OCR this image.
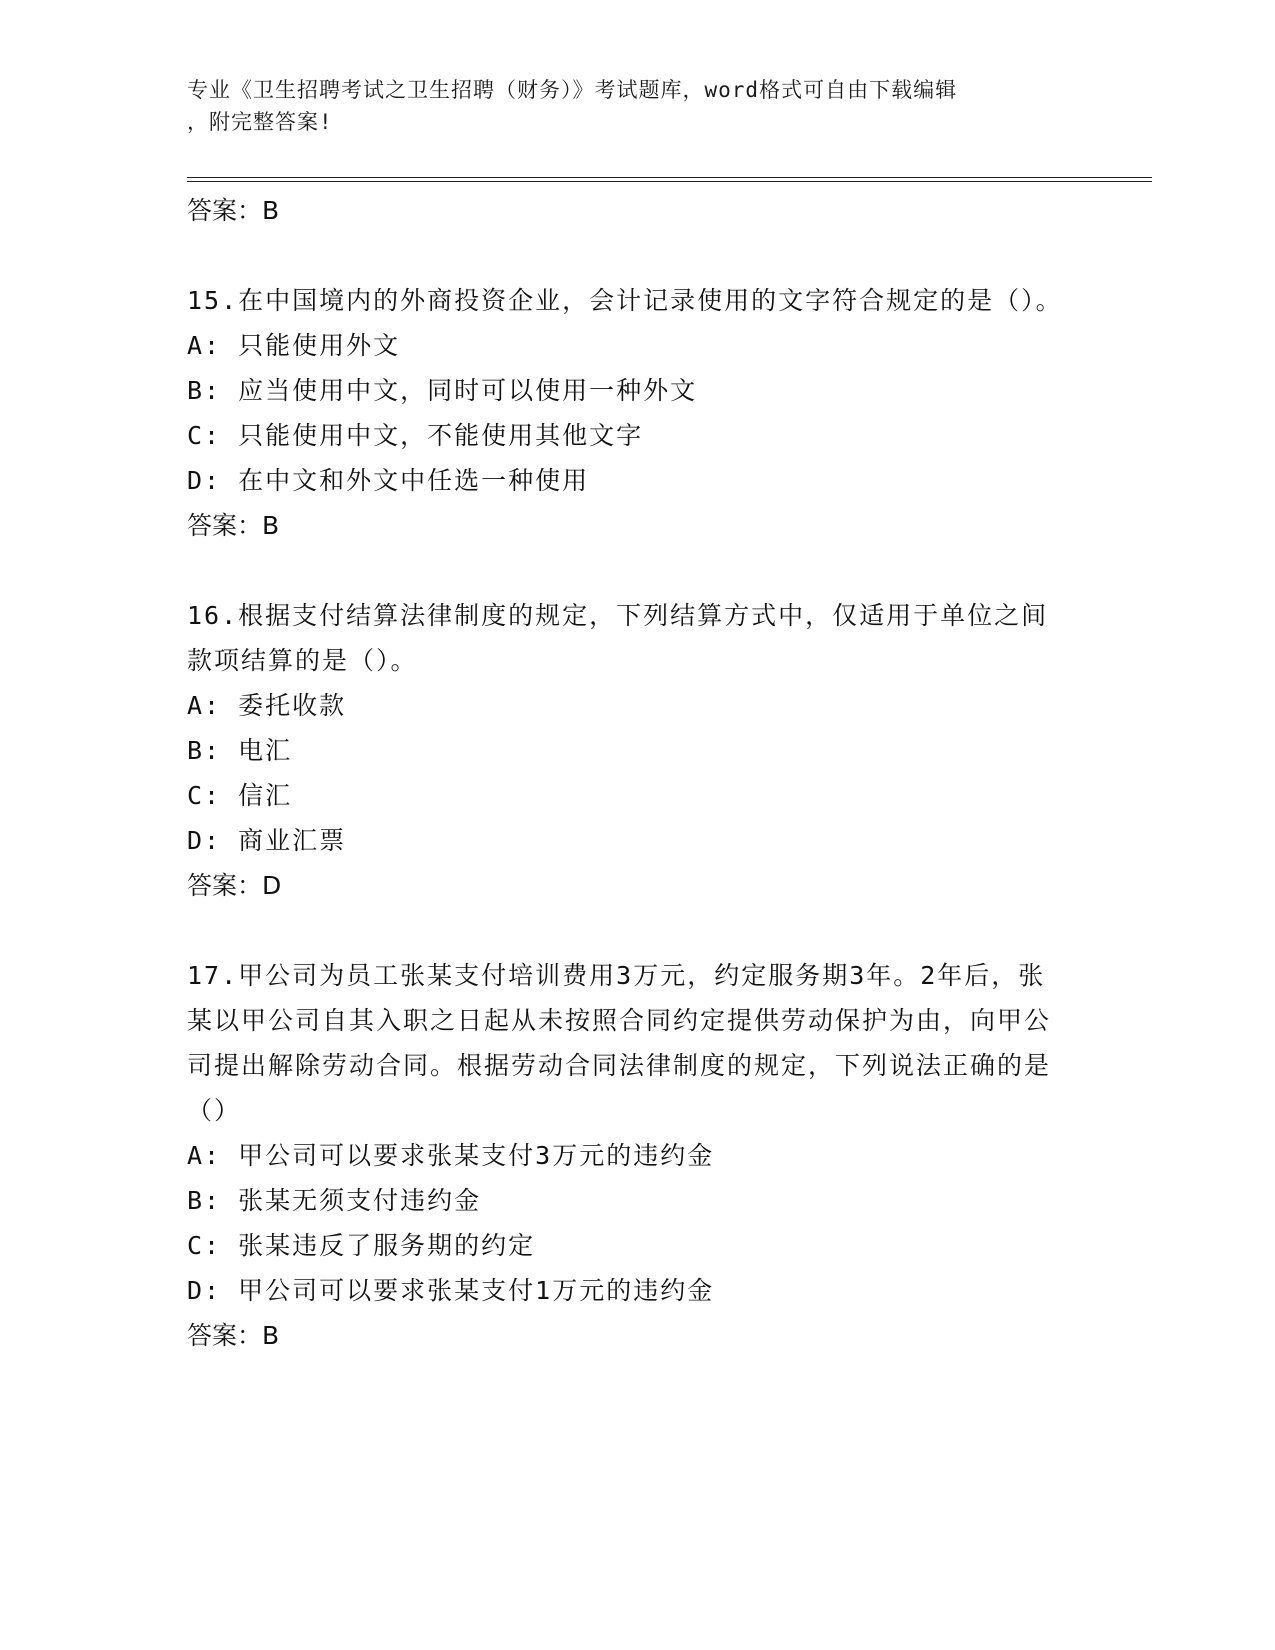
专业《卫生招聘考试之卫生招聘（财务）》考试题库，word格式可自由下载编辑
，附完整答案!
答案：B
15.在中国境内的外商投资企业，会计记录使用的文字符合规定的是（）。
A: 只能使用外文
B: 应当使用中文，同时可以使用一种外文
C: 只能使用中文，不能使用其他文字
D: 在中文和外文中任选一种使用
答案：B
16.根据支付结算法律制度的规定，下列结算方式中，仅适用于单位之间款项结算的是（）。
A: 委托收款
B: 电汇
C: 信汇
D: 商业汇票
答案：D
17.甲公司为员工张某支付培训费用3万元，约定服务期3年。2年后，张某以甲公司自其入职之日起从未按照合同约定提供劳动保护为由，向甲公司提出解除劳动合同。根据劳动合同法律制度的规定，下列说法正确的是（）
A: 甲公司可以要求张某支付3万元的违约金
B: 张某无须支付违约金
C: 张某违反了服务期的约定
D: 甲公司可以要求张某支付1万元的违约金
答案：B
